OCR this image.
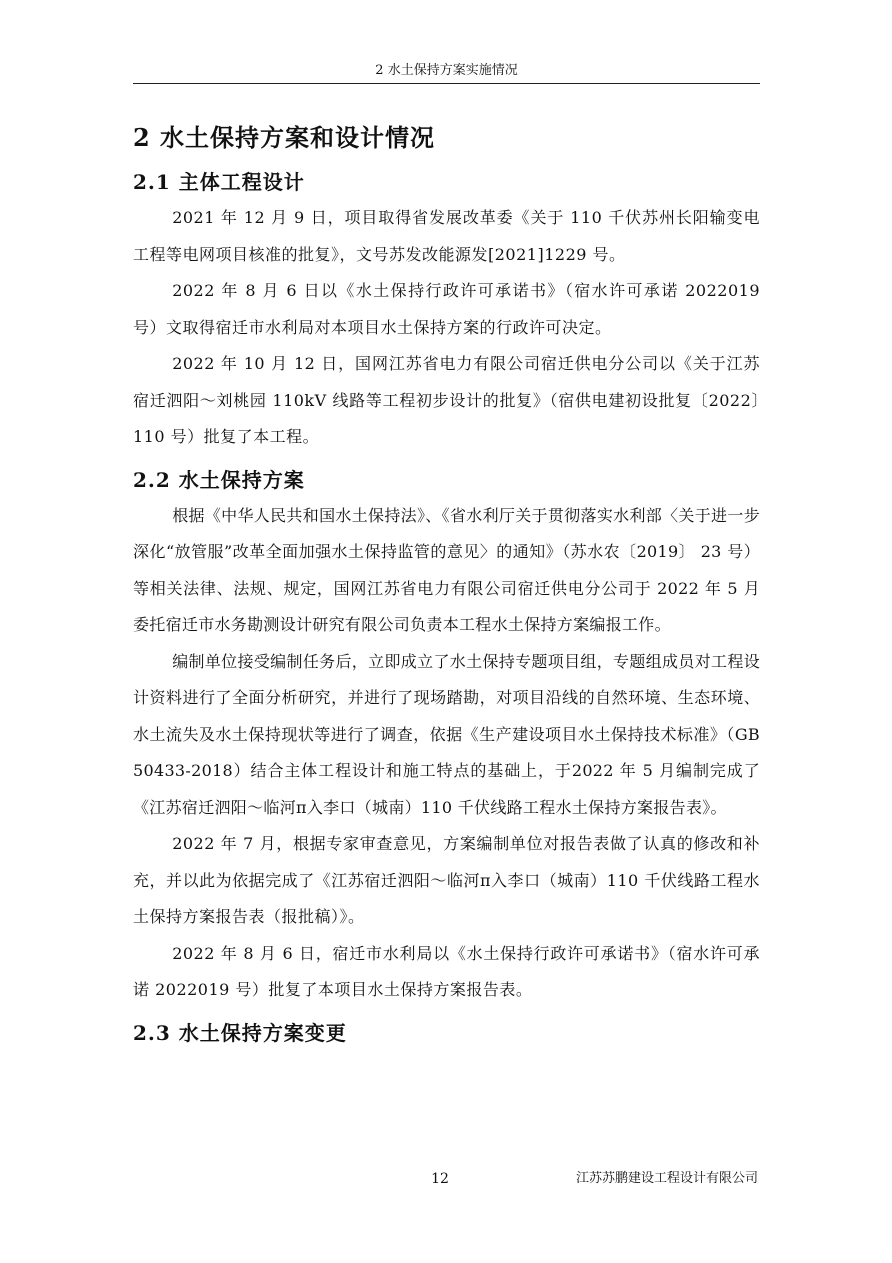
2 水土保持方案实施情况
2 水土保持方案和设计情况
2.1 主体工程设计

2021 年 12 月 9 日，项目取得省发展改革委《关于 110 千伏苏州长阳输变电工程等电网项目核准的批复》，文号苏发改能源发[2021]1229 号。

2022 年 8 月 6 日以《水土保持行政许可承诺书》（宿水许可承诺 2022019 号）文取得宿迁市水利局对本项目水土保持方案的行政许可决定。

2022 年 10 月 12 日，国网江苏省电力有限公司宿迁供电分公司以《关于江苏宿迁泗阳～刘桃园 110kV 线路等工程初步设计的批复》（宿供电建初设批复〔2022〕110 号）批复了本工程。

2.2 水土保持方案

根据《中华人民共和国水土保持法》、《省水利厅关于贯彻落实水利部〈关于进一步深化“放管服”改革全面加强水土保持监管的意见〉的通知》（苏水农〔2019〕 23 号）等相关法律、法规、规定，国网江苏省电力有限公司宿迁供电分公司于 2022 年 5 月委托宿迁市水务勘测设计研究有限公司负责本工程水土保持方案编报工作。

编制单位接受编制任务后，立即成立了水土保持专题项目组，专题组成员对工程设计资料进行了全面分析研究，并进行了现场踏勘，对项目沿线的自然环境、生态环境、水土流失及水土保持现状等进行了调查，依据《生产建设项目水土保持技术标准》（GB 50433-2018）结合主体工程设计和施工特点的基础上，于2022 年 5 月编制完成了《江苏宿迁泗阳～临河π入李口（城南）110 千伏线路工程水土保持方案报告表》。

2022 年 7 月，根据专家审查意见，方案编制单位对报告表做了认真的修改和补充，并以此为依据完成了《江苏宿迁泗阳～临河π入李口（城南）110 千伏线路工程水土保持方案报告表（报批稿）》。

2022 年 8 月 6 日，宿迁市水利局以《水土保持行政许可承诺书》（宿水许可承诺 2022019 号）批复了本项目水土保持方案报告表。

2.3 水土保持方案变更
12	江苏苏鹏建设工程设计有限公司
